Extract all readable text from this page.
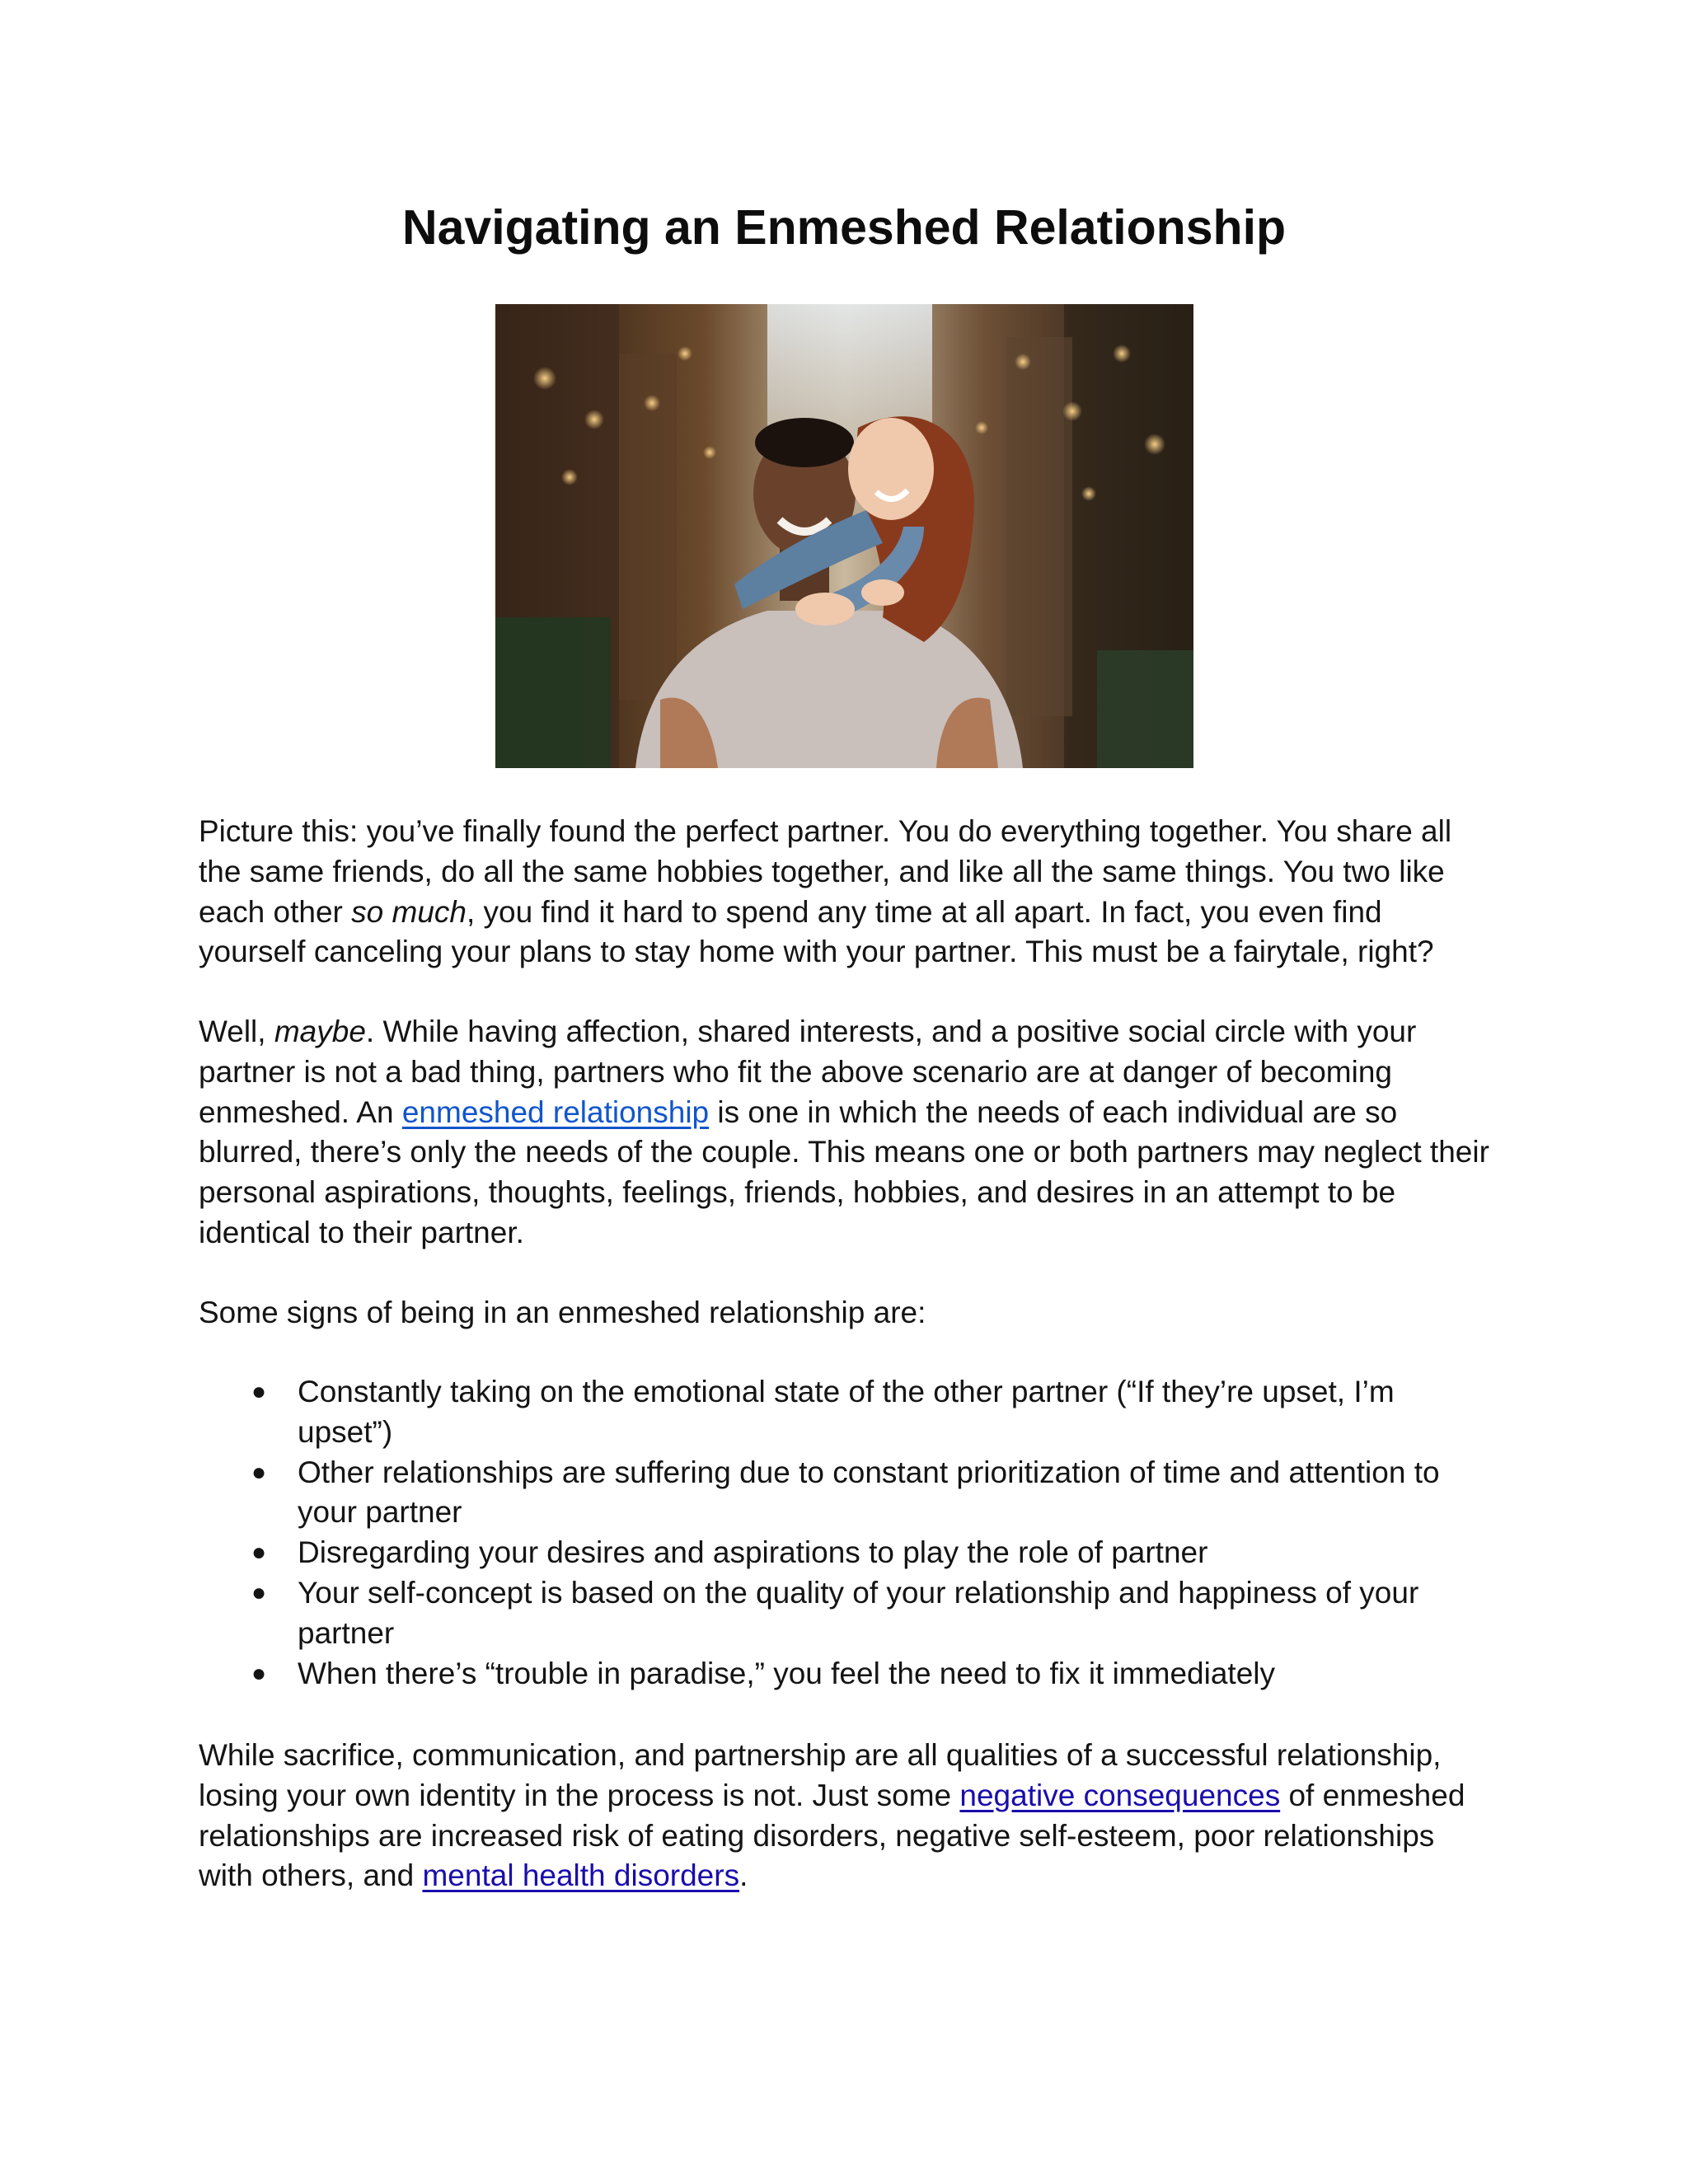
Navigating an Enmeshed Relationship

Picture this: you’ve finally found the perfect partner. You do everything together. You share all
the same friends, do all the same hobbies together, and like all the same things. You two like
each other so much, you find it hard to spend any time at all apart. In fact, you even find
yourself canceling your plans to stay home with your partner. This must be a fairytale, right?

Well, maybe. While having affection, shared interests, and a positive social circle with your
partner is not a bad thing, partners who fit the above scenario are at danger of becoming
enmeshed. An enmeshed relationship is one in which the needs of each individual are so
blurred, there’s only the needs of the couple. This means one or both partners may neglect their
personal aspirations, thoughts, feelings, friends, hobbies, and desires in an attempt to be
identical to their partner.

Some signs of being in an enmeshed relationship are:

● Constantly taking on the emotional state of the other partner (“If they’re upset, I’m
upset”)
● Other relationships are suffering due to constant prioritization of time and attention to
your partner
● Disregarding your desires and aspirations to play the role of partner
● Your self-concept is based on the quality of your relationship and happiness of your
partner
● When there’s “trouble in paradise,” you feel the need to fix it immediately

While sacrifice, communication, and partnership are all qualities of a successful relationship,
losing your own identity in the process is not. Just some negative consequences of enmeshed
relationships are increased risk of eating disorders, negative self-esteem, poor relationships
with others, and mental health disorders.
